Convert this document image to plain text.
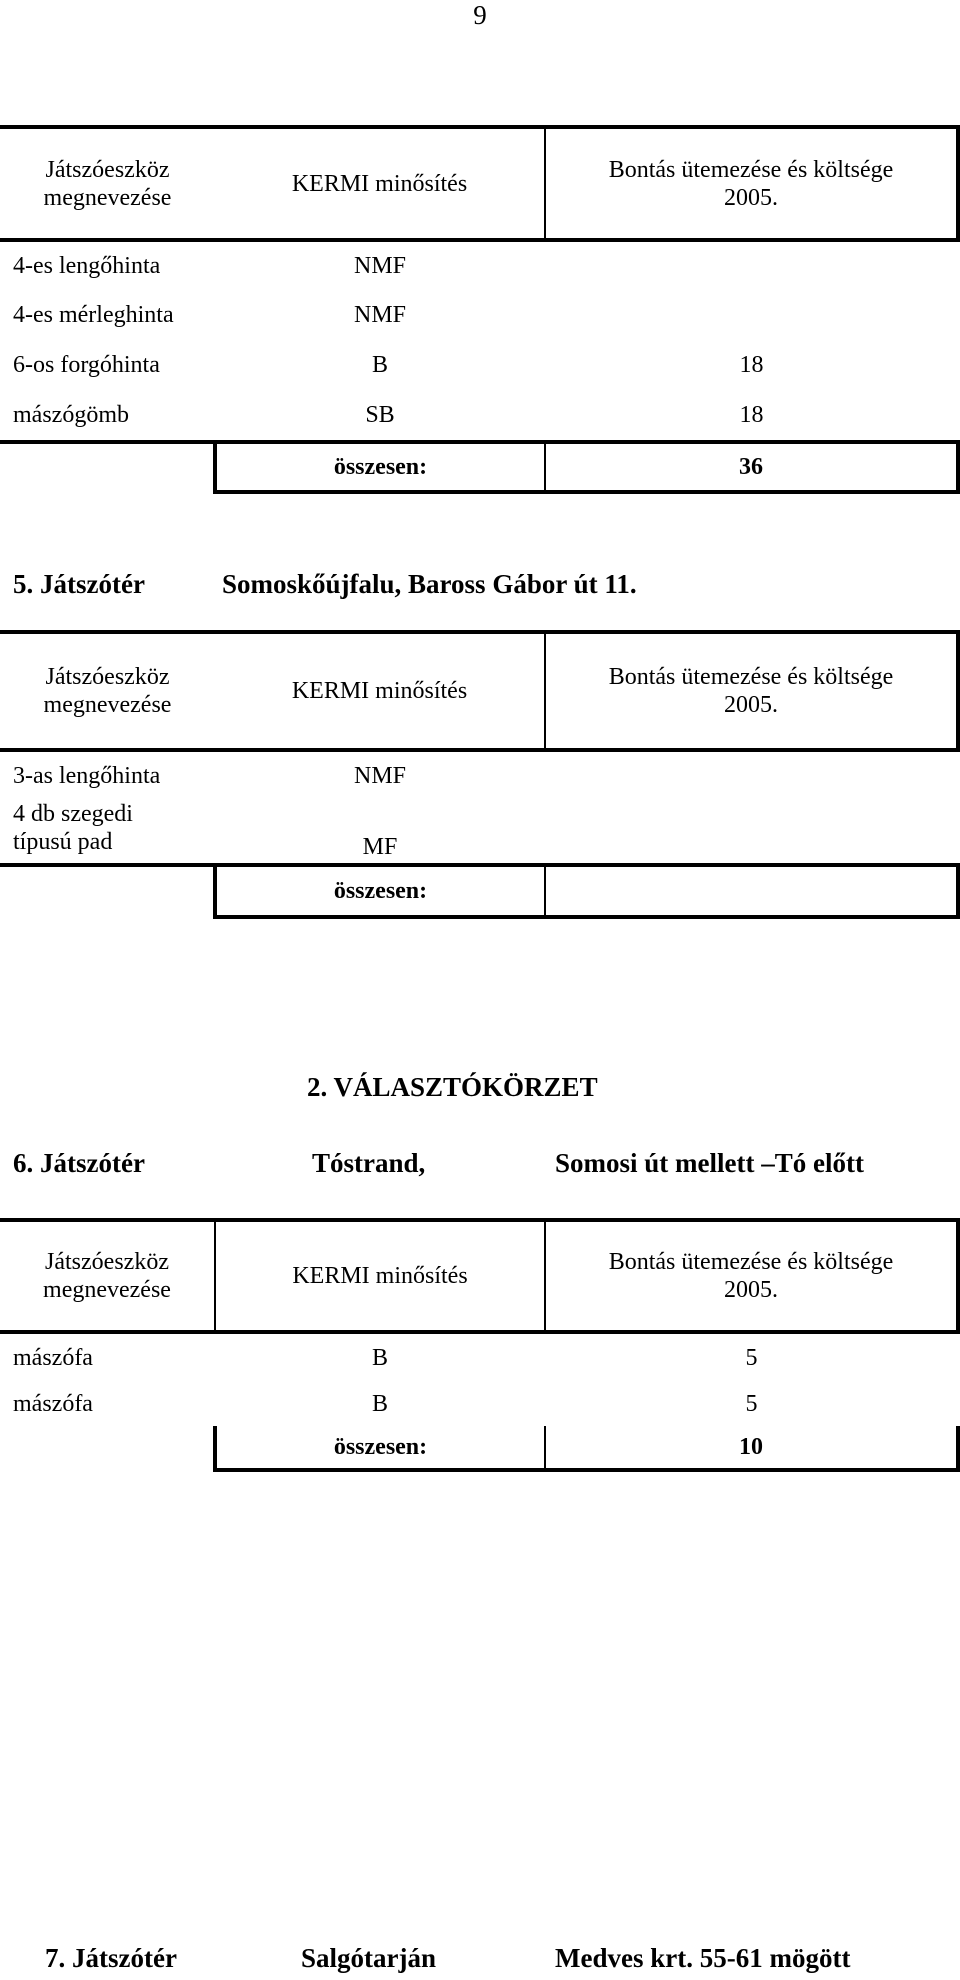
9
Játszóeszköz
megnevezése	KERMI minősítés	Bontás ütemezése és költsége
2005.
4-es lengőhinta	NMF	
4-es mérleghinta	NMF	
6-os forgóhinta	B	18
mászógömb	SB	18
	összesen:	36
5. Játszótér	Somoskőújfalu, Baross Gábor út 11.
Játszóeszköz
megnevezése	KERMI minősítés	Bontás ütemezése és költsége
2005.
3-as lengőhinta	NMF	
4 db szegedi
típusú pad	MF	
	összesen:	
2. VÁLASZTÓKÖRZET
6. Játszótér	Tóstrand,	Somosi út mellett –Tó előtt
Játszóeszköz
megnevezése	KERMI minősítés	Bontás ütemezése és költsége
2005.
mászófa	B	5
mászófa	B	5
	összesen:	10
7. Játszótér	Salgótarján	Medves krt. 55-61 mögött
